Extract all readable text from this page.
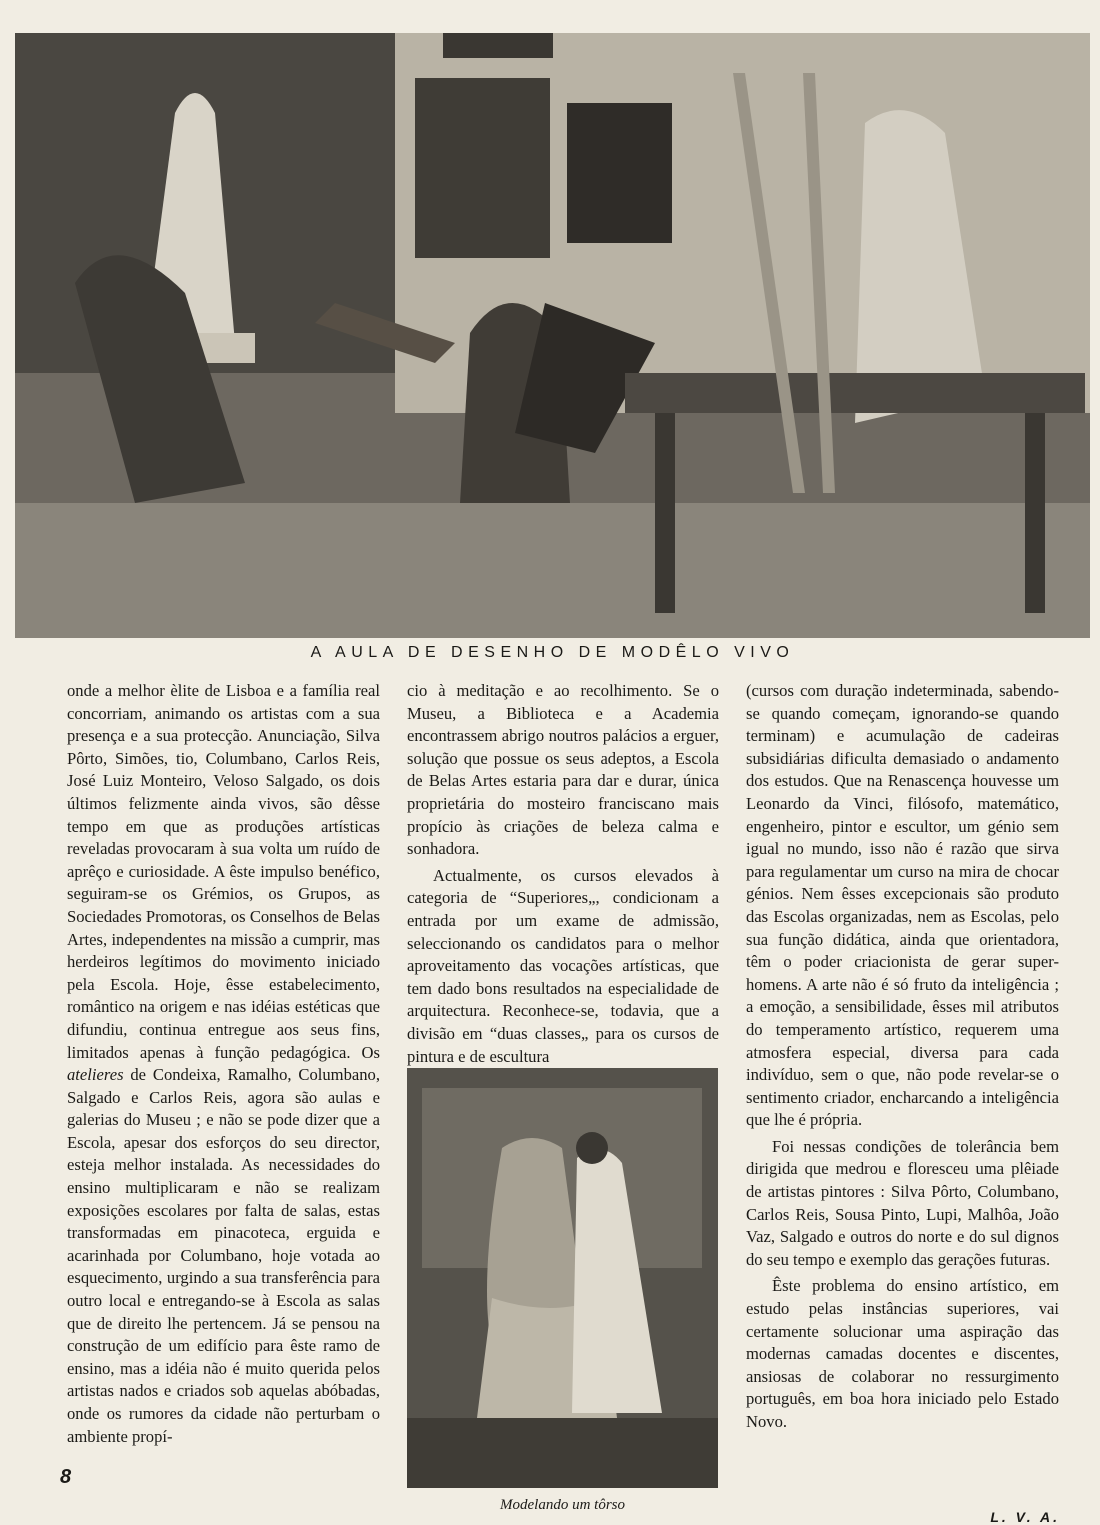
A AULA DE DESENHO DE MODÊLO VIVO

onde a melhor èlite de Lisboa e a família real concorriam, animando os artistas com a sua presença e a sua protecção. Anunciação, Silva Pôrto, Simões, tio, Columbano, Carlos Reis, José Luiz Monteiro, Veloso Salgado, os dois últimos felizmente ainda vivos, são dêsse tempo em que as produções artísticas reveladas provocaram à sua volta um ruído de aprêço e curiosidade. A êste impulso benéfico, seguiram-se os Grémios, os Grupos, as Sociedades Promotoras, os Conselhos de Belas Artes, independentes na missão a cumprir, mas herdeiros legítimos do movimento iniciado pela Escola. Hoje, êsse estabelecimento, romântico na origem e nas idéias estéticas que difundiu, continua entregue aos seus fins, limitados apenas à função pedagógica. Os atelieres de Condeixa, Ramalho, Columbano, Salgado e Carlos Reis, agora são aulas e galerias do Museu ; e não se pode dizer que a Escola, apesar dos esforços do seu director, esteja melhor instalada. As necessidades do ensino multiplicaram e não se realizam exposições escolares por falta de salas, estas transformadas em pinacoteca, erguida e acarinhada por Columbano, hoje votada ao esquecimento, urgindo a sua transferência para outro local e entregando-se à Escola as salas que de direito lhe pertencem. Já se pensou na construção de um edifício para êste ramo de ensino, mas a idéia não é muito querida pelos artistas nados e criados sob aquelas abóbadas, onde os rumores da cidade não perturbam o ambiente propí-

cio à meditação e ao recolhimento. Se o Museu, a Biblioteca e a Academia encontrassem abrigo noutros palácios a erguer, solução que possue os seus adeptos, a Escola de Belas Artes estaria para dar e durar, única proprietária do mosteiro franciscano mais propício às criações de beleza calma e sonhadora.

Actualmente, os cursos elevados à categoria de “Superiores„, condicionam a entrada por um exame de admissão, seleccionando os candidatos para o melhor aproveitamento das vocações artísticas, que tem dado bons resultados na especialidade de arquitectura. Reconhece-se, todavia, que a divisão em “duas classes„ para os cursos de pintura e de escultura

Modelando um tôrso

(cursos com duração indeterminada, sabendo-se quando começam, ignorando-se quando terminam) e acumulação de cadeiras subsidiárias dificulta demasiado o andamento dos estudos. Que na Renascença houvesse um Leonardo da Vinci, filósofo, matemático, engenheiro, pintor e escultor, um génio sem igual no mundo, isso não é razão que sirva para regulamentar um curso na mira de chocar génios. Nem êsses excepcionais são produto das Escolas organizadas, nem as Escolas, pelo sua função didática, ainda que orientadora, têm o poder criacionista de gerar super-homens. A arte não é só fruto da inteligência ; a emoção, a sensibilidade, êsses mil atributos do temperamento artístico, requerem uma atmosfera especial, diversa para cada indivíduo, sem o que, não pode revelar-se o sentimento criador, encharcando a inteligência que lhe é própria.

Foi nessas condições de tolerância bem dirigida que medrou e floresceu uma plêiade de artistas pintores : Silva Pôrto, Columbano, Carlos Reis, Sousa Pinto, Lupi, Malhôa, João Vaz, Salgado e outros do norte e do sul dignos do seu tempo e exemplo das gerações futuras.

Êste problema do ensino artístico, em estudo pelas instâncias superiores, vai certamente solucionar uma aspiração das modernas camadas docentes e discentes, ansiosas de colaborar no ressurgimento português, em boa hora iniciado pelo Estado Novo.

L. V. A.
8
